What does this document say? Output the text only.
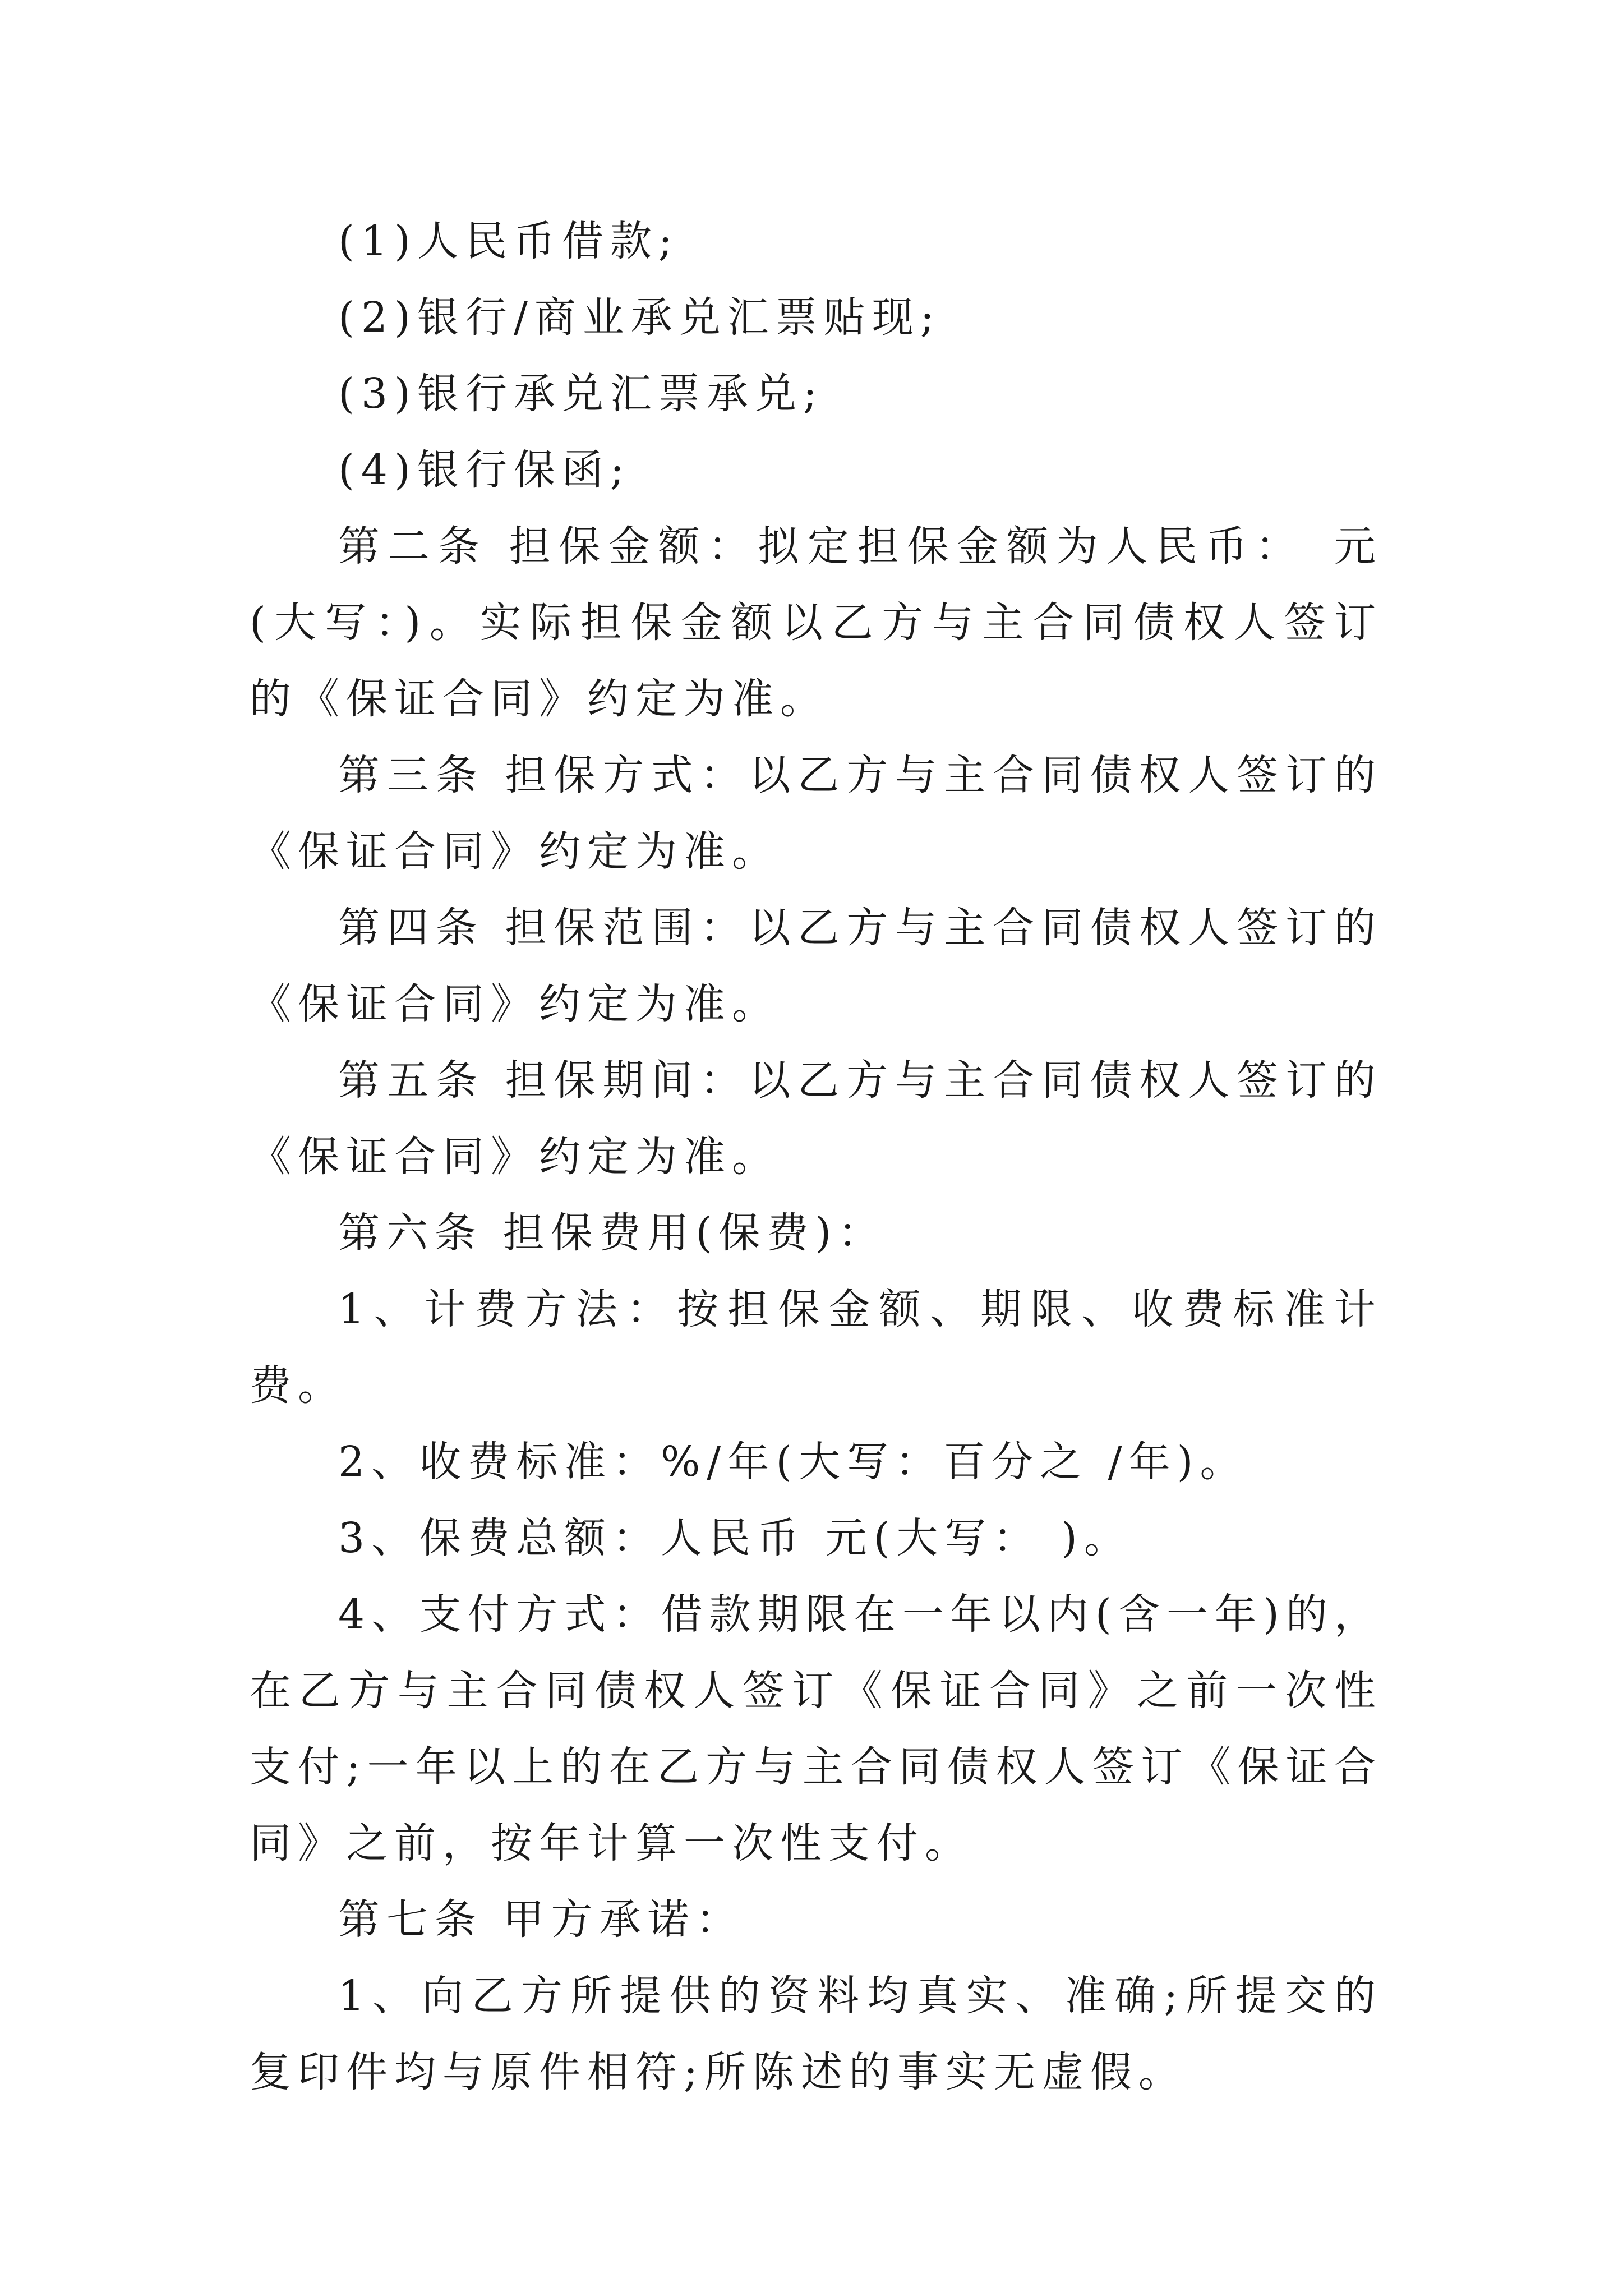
(1)人民币借款;

(2)银行/商业承兑汇票贴现;

(3)银行承兑汇票承兑;

(4)银行保函;

第二条 担保金额：拟定担保金额为人民币：　元(大写：)。实际担保金额以乙方与主合同债权人签订的《保证合同》约定为准。

第三条 担保方式：以乙方与主合同债权人签订的《保证合同》约定为准。

第四条 担保范围：以乙方与主合同债权人签订的《保证合同》约定为准。

第五条 担保期间：以乙方与主合同债权人签订的《保证合同》约定为准。

第六条 担保费用(保费)：

1、计费方法：按担保金额、期限、收费标准计费。

2、收费标准：%/年(大写：百分之 /年)。

3、保费总额：人民币 元(大写： )。

4、支付方式：借款期限在一年以内(含一年)的，在乙方与主合同债权人签订《保证合同》之前一次性支付;一年以上的在乙方与主合同债权人签订《保证合同》之前，按年计算一次性支付。

第七条 甲方承诺：

1、向乙方所提供的资料均真实、准确;所提交的复印件均与原件相符;所陈述的事实无虚假。
